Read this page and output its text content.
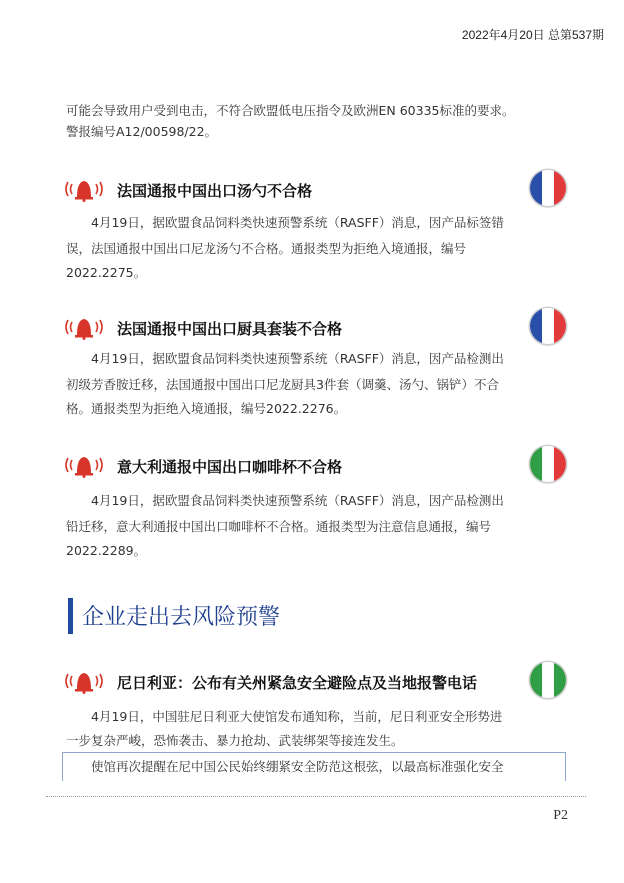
2022年4月20日 总第537期

可能会导致用户受到电击，不符合欧盟低电压指令及欧洲EN 60335标准的要求。

警报编号A12/00598/22。

法国通报中国出口汤勺不合格

4月19日，据欧盟食品饲料类快速预警系统（RASFF）消息，因产品标签错

误，法国通报中国出口尼龙汤勺不合格。通报类型为拒绝入境通报，编号

2022.2275。

法国通报中国出口厨具套装不合格

4月19日，据欧盟食品饲料类快速预警系统（RASFF）消息，因产品检测出

初级芳香胺迁移，法国通报中国出口尼龙厨具3件套（调羹、汤勺、锅铲）不合

格。通报类型为拒绝入境通报，编号2022.2276。

意大利通报中国出口咖啡杯不合格

4月19日，据欧盟食品饲料类快速预警系统（RASFF）消息，因产品检测出

铅迁移，意大利通报中国出口咖啡杯不合格。通报类型为注意信息通报，编号

2022.2289。

企业走出去风险预警
尼日利亚：公布有关州紧急安全避险点及当地报警电话

4月19日，中国驻尼日利亚大使馆发布通知称，当前，尼日利亚安全形势进

一步复杂严峻，恐怖袭击、暴力抢劫、武装绑架等接连发生。

使馆再次提醒在尼中国公民始终绷紧安全防范这根弦，以最高标准强化安全

P2
